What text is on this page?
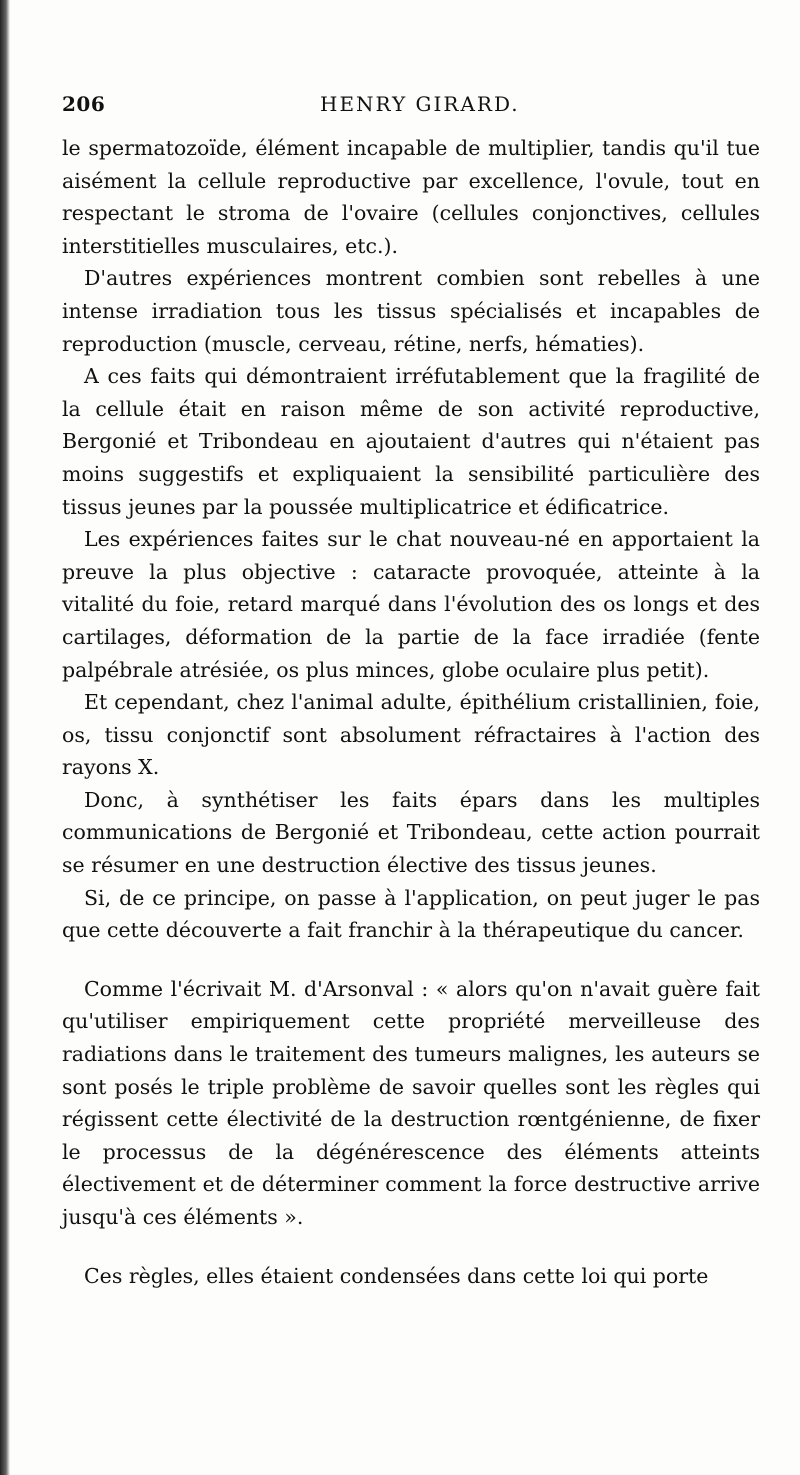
206	HENRY GIRARD.

le spermatozoïde, élément incapable de multiplier, tandis qu'il tue aisément la cellule reproductive par excellence, l'ovule, tout en respectant le stroma de l'ovaire (cellules conjonctives, cellules interstitielles musculaires, etc.).

D'autres expériences montrent combien sont rebelles à une intense irradiation tous les tissus spécialisés et incapables de reproduction (muscle, cerveau, rétine, nerfs, hématies).

A ces faits qui démontraient irréfutablement que la fragilité de la cellule était en raison même de son activité reproductive, Bergonié et Tribondeau en ajoutaient d'autres qui n'étaient pas moins suggestifs et expliquaient la sensibilité particulière des tissus jeunes par la poussée multiplicatrice et édificatrice.

Les expériences faites sur le chat nouveau-né en apportaient la preuve la plus objective : cataracte provoquée, atteinte à la vitalité du foie, retard marqué dans l'évolution des os longs et des cartilages, déformation de la partie de la face irradiée (fente palpébrale atrésiée, os plus minces, globe oculaire plus petit).

Et cependant, chez l'animal adulte, épithélium cristallinien, foie, os, tissu conjonctif sont absolument réfractaires à l'action des rayons X.

Donc, à synthétiser les faits épars dans les multiples communications de Bergonié et Tribondeau, cette action pourrait se résumer en une destruction élective des tissus jeunes.

Si, de ce principe, on passe à l'application, on peut juger le pas que cette découverte a fait franchir à la thérapeutique du cancer.

Comme l'écrivait M. d'Arsonval : « alors qu'on n'avait guère fait qu'utiliser empiriquement cette propriété merveilleuse des radiations dans le traitement des tumeurs malignes, les auteurs se sont posés le triple problème de savoir quelles sont les règles qui régissent cette électivité de la destruction rœntgénienne, de fixer le processus de la dégénérescence des éléments atteints électivement et de déterminer comment la force destructive arrive jusqu'à ces éléments ».

Ces règles, elles étaient condensées dans cette loi qui porte
